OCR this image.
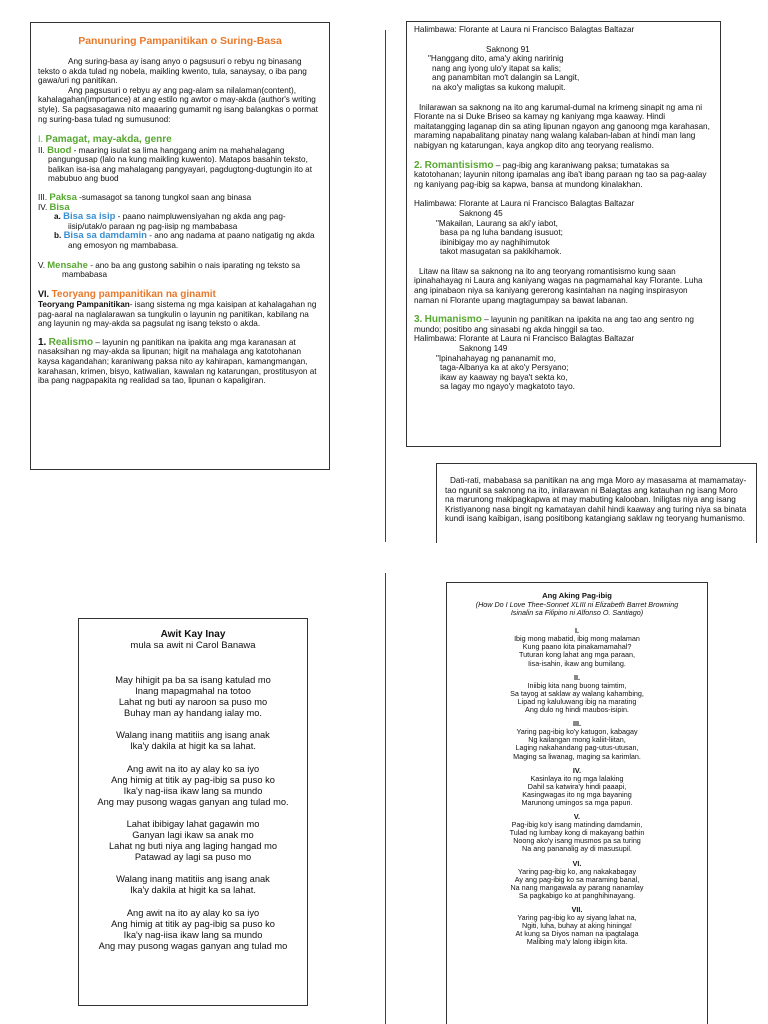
Panunuring Pampanitikan o Suring-Basa

Ang suring-basa ay isang anyo o pagsusuri o rebyu ng binasang teksto o akda tulad ng nobela, maikling kwento, tula, sanaysay, o iba pang gawa/uri ng panitikan.

Ang pagsusuri o rebyu ay ang pag-alam sa nilalaman(content), kahalagahan(importance) at ang estilo ng awtor o may-akda (author's writing style). Sa pagsasagawa nito maaaring gumamit ng isang balangkas o pormat ng suring-basa tulad ng sumusunod:

I. Pamagat, may-akda, genre

II. Buod - maaring isulat sa lima hanggang anim na mahahalagang pangungusap (lalo na kung maikling kuwento). Matapos basahin teksto, balikan isa-isa ang mahalagang pangyayari, pagdugtong-dugtungin ito at mabubuo ang buod

III. Paksa -sumasagot sa tanong tungkol saan ang binasa

IV. Bisa

a. Bisa sa isip - paano naimpluwensiyahan ng akda ang pag-iisip/utak/o paraan ng pag-iisip ng mambabasa

b. Bisa sa damdamin - ano ang nadama at paano natigatig ng akda ang emosyon ng mambabasa.

V. Mensahe - ano ba ang gustong sabihin o nais iparating ng teksto sa mambabasa

VI. Teoryang pampanitikan na ginamit

Teoryang Pampanitikan- isang sistema ng mga kaisipan at kahalagahan ng pag-aaral na naglalarawan sa tungkulin o layunin ng panitikan, kabilang na ang layunin ng may-akda sa pagsulat ng isang teksto o akda.

1. Realismo – layunin ng panitikan na ipakita ang mga karanasan at nasaksihan ng may-akda sa lipunan; higit na mahalaga ang katotohanan kaysa kagandahan; karaniwang paksa nito ay kahirapan, kamangmangan, karahasan, krimen, bisyo, katiwalian, kawalan ng katarungan, prostitusyon at iba pang nagpapakita ng realidad sa tao, lipunan o kapaligiran.

Halimbawa: Florante at Laura ni Francisco Balagtas Baltazar

Saknong 91

"Hanggang dito, ama'y aking naririnig

nang ang iyong ulo'y itapat sa kalis;

ang panambitan mo't dalangin sa Langit,

na ako'y maligtas sa kukong malupit.

Inilarawan sa saknong na ito ang karumal-dumal na krimeng sinapit ng ama ni Florante na si Duke Briseo sa kamay ng kaniyang mga kaaway. Hindi maitatangging laganap din sa ating lipunan ngayon ang ganoong mga karahasan, maraming napabalitang pinatay nang walang kalaban-laban at hindi man lang nabigyan ng katarungan, kaya angkop dito ang teoryang realismo.

2. Romantisismo – pag-ibig ang karaniwang paksa; tumatakas sa katotohanan; layunin nitong ipamalas ang iba't ibang paraan ng tao sa pag-aalay ng kaniyang pag-ibig sa kapwa, bansa at mundong kinalakhan.

Halimbawa: Florante at Laura ni Francisco Balagtas Baltazar

Saknong 45

"Makailan, Laurang sa aki'y iabot,

basa pa ng luha bandang isusuot;

ibinibigay mo ay naghihimutok

takot masugatan sa pakikihamok.

Litaw na litaw sa saknong na ito ang teoryang romantisismo kung saan ipinahahayag ni Laura ang kaniyang wagas na pagmamahal kay Florante. Luha ang ipinabaon niya sa kaniyang gererong kasintahan na naging inspirasyon naman ni Florante upang magtagumpay sa bawat labanan.

3. Humanismo – layunin ng panitikan na ipakita na ang tao ang sentro ng mundo; positibo ang sinasabi ng akda hinggil sa tao.

Halimbawa: Florante at Laura ni Francisco Balagtas Baltazar

Saknong 149

"Ipinahahayag ng pananamit mo,

taga-Albanya ka at ako'y Persyano;

ikaw ay kaaway ng baya't sekta ko,

sa lagay mo ngayo'y magkatoto tayo.

Dati-rati, mababasa sa panitikan na ang mga Moro ay masasama at mamamatay-tao ngunit sa saknong na ito, inilarawan ni Balagtas ang katauhan ng isang Moro na marunong makipagkapwa at may mabuting kalooban. Iniligtas niya ang isang Kristiyanong nasa bingit ng kamatayan dahil hindi kaaway ang turing niya sa binata kundi isang kaibigan, isang positibong katangiang saklaw ng teoryang humanismo.

Awit Kay Inay

mula sa awit ni Carol Banawa

May hihigit pa ba sa isang katulad mo

Inang mapagmahal na totoo

Lahat ng buti ay naroon sa puso mo

Buhay man ay handang ialay mo.

Walang inang matitiis ang isang anak

Ika'y dakila at higit ka sa lahat.

Ang awit na ito ay alay ko sa iyo

Ang himig at titik ay pag-ibig sa puso ko

Ika'y nag-iisa ikaw lang sa mundo

Ang may pusong wagas ganyan ang tulad mo.

Lahat ibibigay lahat gagawin mo

Ganyan lagi ikaw sa anak mo

Lahat ng buti niya ang laging hangad mo

Patawad ay lagi sa puso mo

Walang inang matitiis ang isang anak

Ika'y dakila at higit ka sa lahat.

Ang awit na ito ay alay ko sa iyo

Ang himig at titik ay pag-ibig sa puso ko

Ika'y nag-iisa ikaw lang sa mundo

Ang may pusong wagas ganyan ang tulad mo

Ang Aking Pag-ibig

(How Do I Love Thee-Sonnet XLIII ni Elizabeth Barret Browning

Isinalin sa Filipino ni Alfonso O. Santiago)

I.

Ibig mong mabatid, ibig mong malaman

Kung paano kita pinakamamahal?

Tuturan kong lahat ang mga paraan,

Iisa-isahin, ikaw ang bumilang.

II.

Iniibig kita nang buong taimtim,

Sa tayog at saklaw ay walang kahambing,

Lipad ng kaluluwang ibig na marating

Ang dulo ng hindi maubos-isipin.

III.

Yaring pag-ibig ko'y katugon, kabagay

Ng kailangan mong kaliit-liitan,

Laging nakahandang pag-utus-utusan,

Maging sa liwanag, maging sa karimlan.

IV.

Kasinlaya ito ng mga lalaking

Dahil sa katwira'y hindi paaapi,

Kasingwagas ito ng mga bayaning

Marunong umingos sa mga papuri.

V.

Pag-ibig ko'y isang matinding damdamin,

Tulad ng lumbay kong di makayang bathin

Noong ako'y isang musmos pa sa turing

Na ang pananalig ay di masusupil.

VI.

Yaring pag-ibig ko, ang nakakabagay

Ay ang pag-ibig ko sa maraming banal,

Na nang mangawala ay parang nanamlay

Sa pagkabigo ko at panghihinayang.

VII.

Yaring pag-ibig ko ay siyang lahat na,

Ngiti, luha, buhay at aking hininga!

At kung sa Diyos naman na ipagtalaga

Malibing ma'y lalong iibigin kita.
